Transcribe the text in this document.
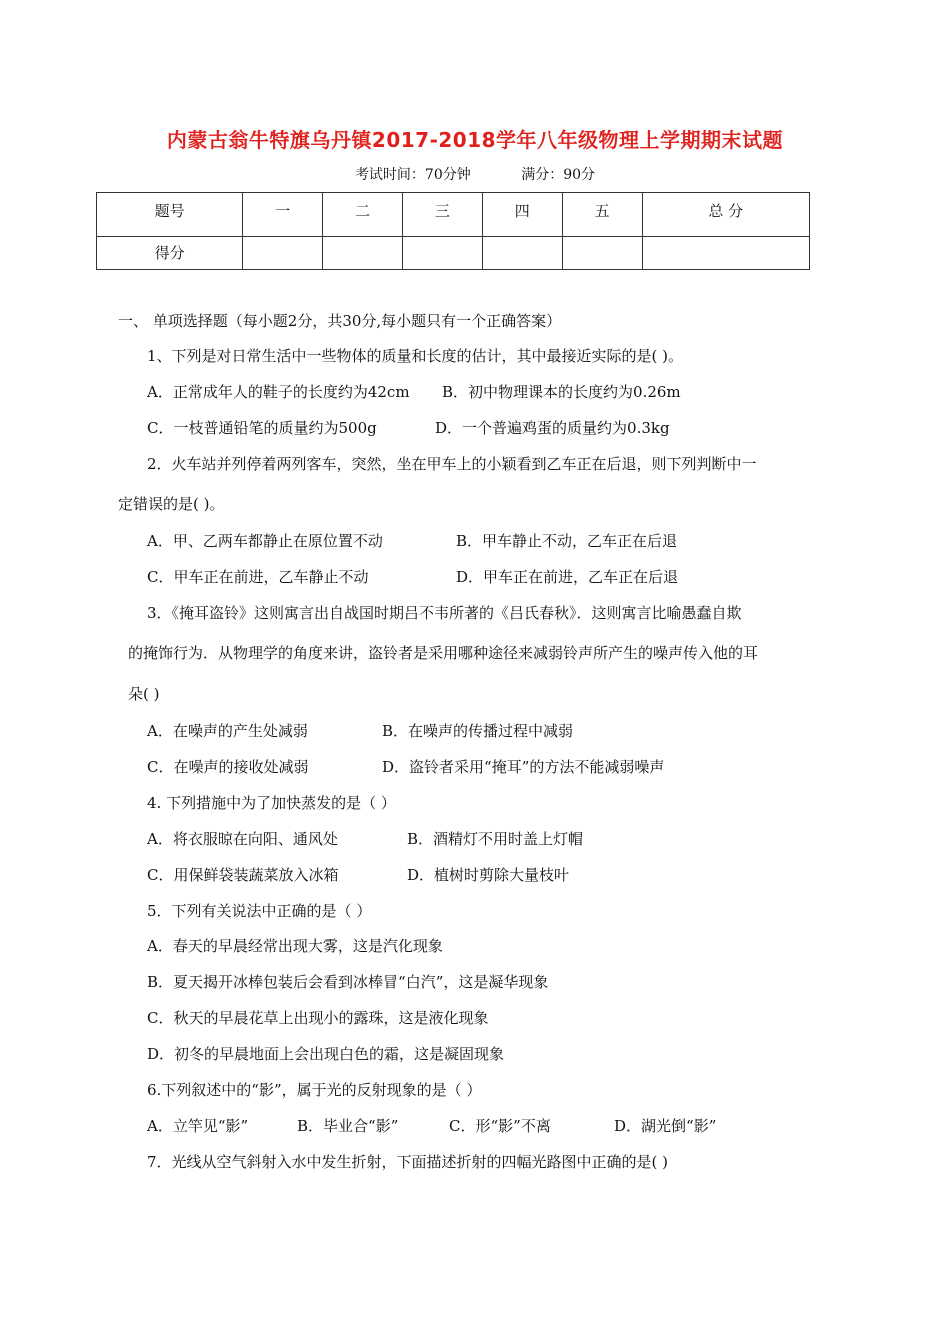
内蒙古翁牛特旗乌丹镇2017-2018学年八年级物理上学期期末试题
考试时间：70分钟	满分：90分
题号	一	二	三	四	五	总 分
得分						
一、 单项选择题（每小题2分，共30分,每小题只有一个正确答案）
1、下列是对日常生活中一些物体的质量和长度的估计，其中最接近实际的是( )。
A．正常成年人的鞋子的长度约为42cm B．初中物理课本的长度约为0.26m
C．一枝普通铅笔的质量约为500g	D．一个普遍鸡蛋的质量约为0.3kg
2．火车站并列停着两列客车，突然，坐在甲车上的小颖看到乙车正在后退，则下列判断中一
定错误的是( )。
A．甲、乙两车都静止在原位置不动	B．甲车静止不动，乙车正在后退
C．甲车正在前进，乙车静止不动	D．甲车正在前进，乙车正在后退
3．《掩耳盗铃》这则寓言出自战国时期吕不韦所著的《吕氏春秋》．这则寓言比喻愚蠢自欺
的掩饰行为．从物理学的角度来讲，盗铃者是采用哪种途径来减弱铃声所产生的噪声传入他的耳
朵( )
A．在噪声的产生处减弱	B．在噪声的传播过程中减弱
C．在噪声的接收处减弱	D．盗铃者采用“掩耳”的方法不能减弱噪声
4. 下列措施中为了加快蒸发的是（ ）
A．将衣服晾在向阳、通风处	B．酒精灯不用时盖上灯帽
C．用保鲜袋装蔬菜放入冰箱	D．植树时剪除大量枝叶
5．下列有关说法中正确的是（ ）
A．春天的早晨经常出现大雾，这是汽化现象
B．夏天揭开冰棒包装后会看到冰棒冒“白汽”，这是凝华现象
C．秋天的早晨花草上出现小的露珠，这是液化现象
D．初冬的早晨地面上会出现白色的霜，这是凝固现象
6.下列叙述中的“影”，属于光的反射现象的是（ ）
A．立竿见“影”	B．毕业合“影”	C．形“影”不离	D．湖光倒“影”
7．光线从空气斜射入水中发生折射，下面描述折射的四幅光路图中正确的是( )
